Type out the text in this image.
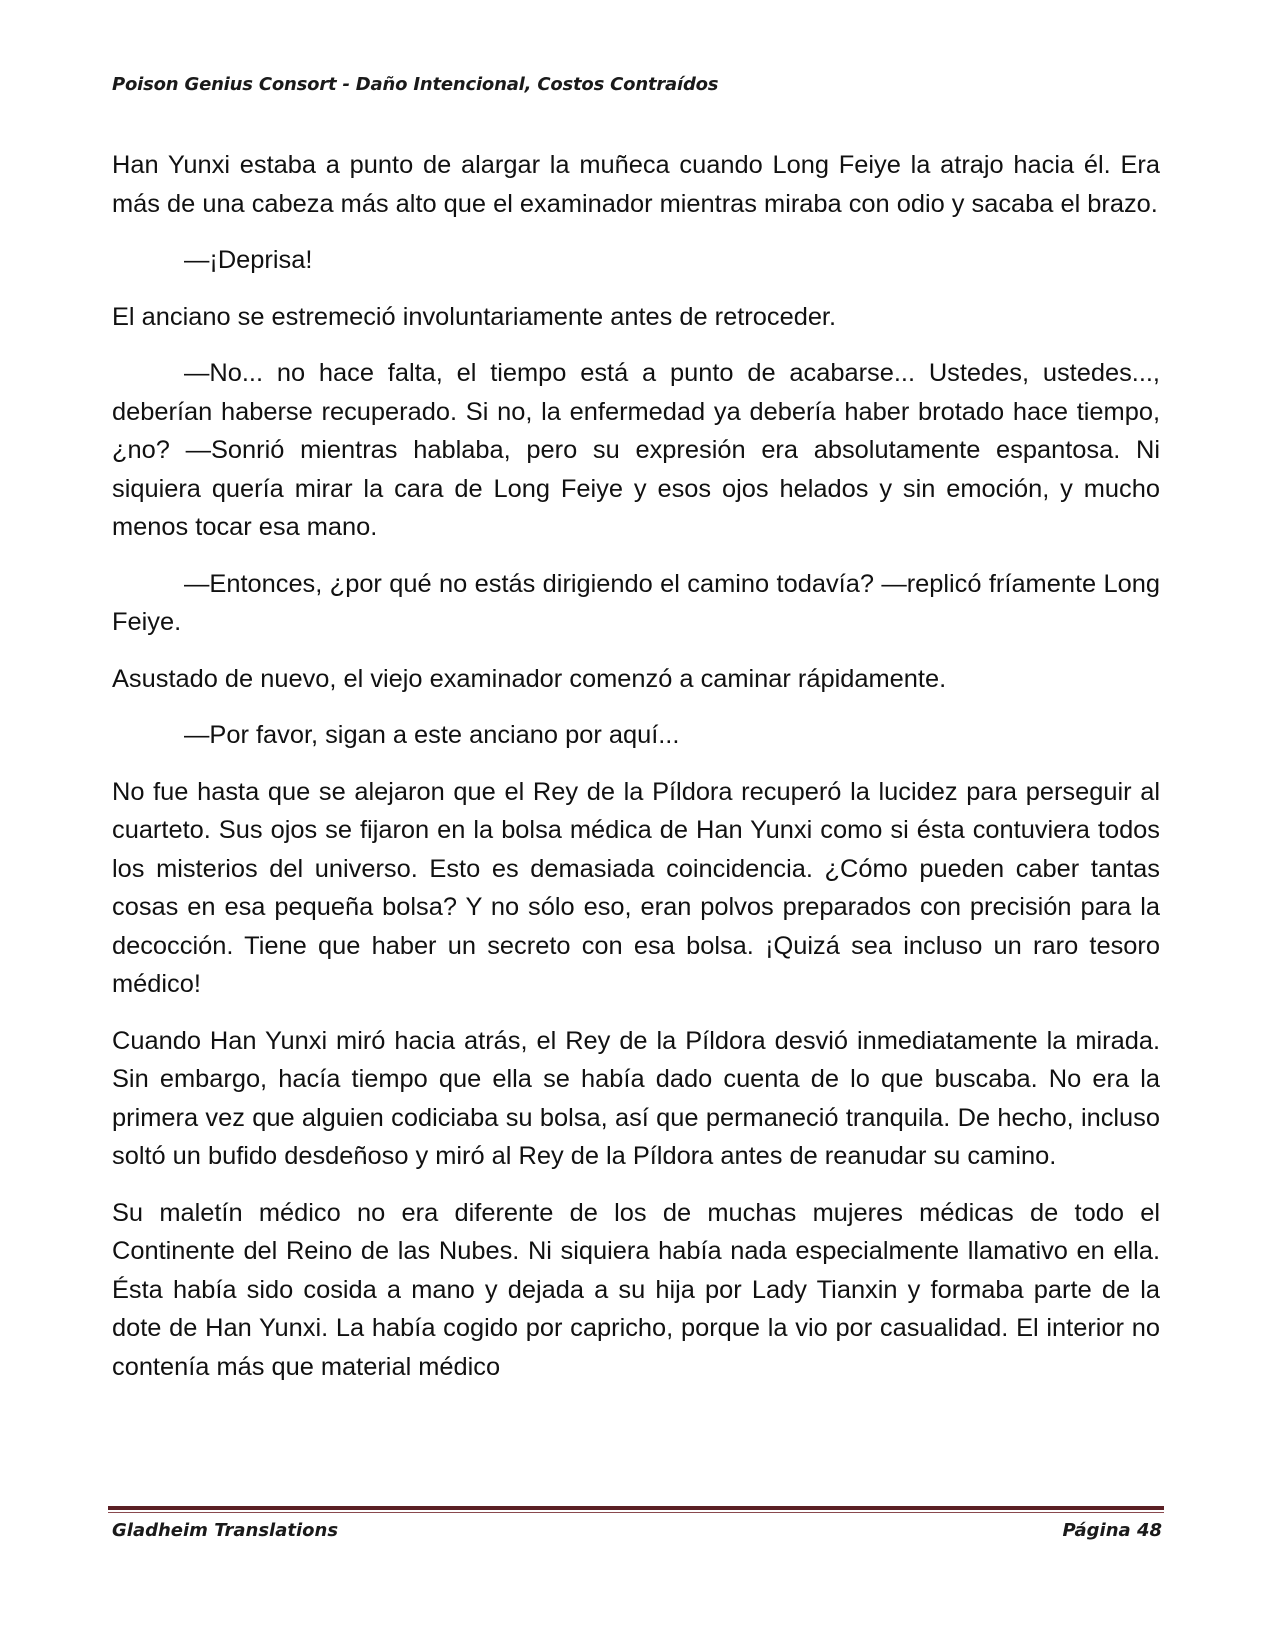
Poison Genius Consort - Daño Intencional, Costos Contraídos

Han Yunxi estaba a punto de alargar la muñeca cuando Long Feiye la atrajo hacia él. Era más de una cabeza más alto que el examinador mientras miraba con odio y sacaba el brazo.

—¡Deprisa!

El anciano se estremeció involuntariamente antes de retroceder.

—No... no hace falta, el tiempo está a punto de acabarse... Ustedes, ustedes..., deberían haberse recuperado. Si no, la enfermedad ya debería haber brotado hace tiempo, ¿no? —Sonrió mientras hablaba, pero su expresión era absolutamente espantosa. Ni siquiera quería mirar la cara de Long Feiye y esos ojos helados y sin emoción, y mucho menos tocar esa mano.

—Entonces, ¿por qué no estás dirigiendo el camino todavía? —replicó fríamente Long Feiye.

Asustado de nuevo, el viejo examinador comenzó a caminar rápidamente.

—Por favor, sigan a este anciano por aquí...

No fue hasta que se alejaron que el Rey de la Píldora recuperó la lucidez para perseguir al cuarteto. Sus ojos se fijaron en la bolsa médica de Han Yunxi como si ésta contuviera todos los misterios del universo. Esto es demasiada coincidencia. ¿Cómo pueden caber tantas cosas en esa pequeña bolsa? Y no sólo eso, eran polvos preparados con precisión para la decocción. Tiene que haber un secreto con esa bolsa. ¡Quizá sea incluso un raro tesoro médico!

Cuando Han Yunxi miró hacia atrás, el Rey de la Píldora desvió inmediatamente la mirada. Sin embargo, hacía tiempo que ella se había dado cuenta de lo que buscaba. No era la primera vez que alguien codiciaba su bolsa, así que permaneció tranquila. De hecho, incluso soltó un bufido desdeñoso y miró al Rey de la Píldora antes de reanudar su camino.

Su maletín médico no era diferente de los de muchas mujeres médicas de todo el Continente del Reino de las Nubes. Ni siquiera había nada especialmente llamativo en ella. Ésta había sido cosida a mano y dejada a su hija por Lady Tianxin y formaba parte de la dote de Han Yunxi. La había cogido por capricho, porque la vio por casualidad. El interior no contenía más que material médico

Gladheim Translations	Página 48
